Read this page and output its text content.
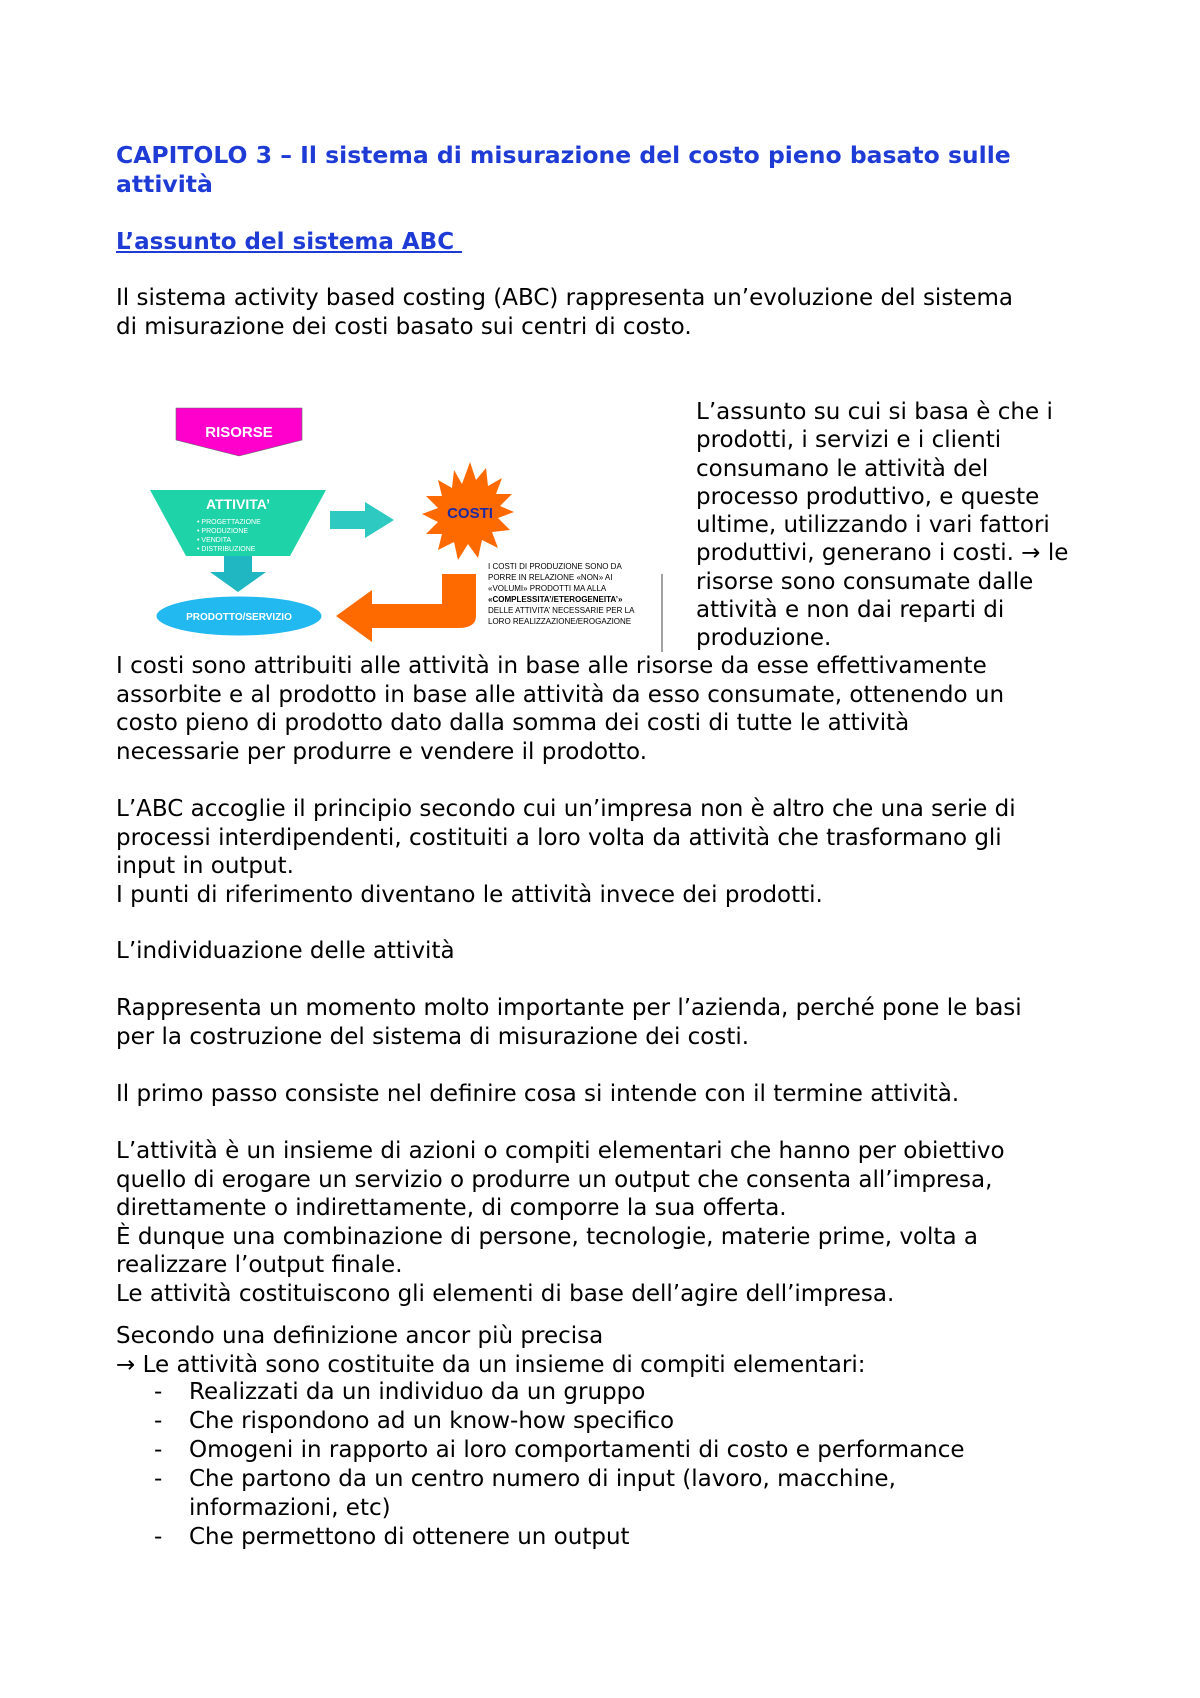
CAPITOLO 3 – Il sistema di misurazione del costo pieno basato sulle
attività
L’assunto del sistema ABC
Il sistema activity based costing (ABC) rappresenta un’evoluzione del sistema
di misurazione dei costi basato sui centri di costo.
RISORSE
ATTIVITA’
• PROGETTAZIONE
• PRODUZIONE
• VENDITA
• DISTRIBUZIONE
PRODOTTO/SERVIZIO
COSTI
I COSTI DI PRODUZIONE SONO DA
PORRE IN RELAZIONE «NON» AI
«VOLUMI» PRODOTTI MA ALLA
«COMPLESSITA’/ETEROGENEITA’»
DELLE ATTIVITA’ NECESSARIE PER LA
LORO REALIZZAZIONE/EROGAZIONE
L’assunto su cui si basa è che i
prodotti, i servizi e i clienti
consumano le attività del
processo produttivo, e queste
ultime, utilizzando i vari fattori
produttivi, generano i costi. → le
risorse sono consumate dalle
attività e non dai reparti di
produzione.
I costi sono attribuiti alle attività in base alle risorse da esse effettivamente
assorbite e al prodotto in base alle attività da esso consumate, ottenendo un
costo pieno di prodotto dato dalla somma dei costi di tutte le attività
necessarie per produrre e vendere il prodotto.
L’ABC accoglie il principio secondo cui un’impresa non è altro che una serie di
processi interdipendenti, costituiti a loro volta da attività che trasformano gli
input in output.
I punti di riferimento diventano le attività invece dei prodotti.
L’individuazione delle attività
Rappresenta un momento molto importante per l’azienda, perché pone le basi
per la costruzione del sistema di misurazione dei costi.
Il primo passo consiste nel definire cosa si intende con il termine attività.
L’attività è un insieme di azioni o compiti elementari che hanno per obiettivo
quello di erogare un servizio o produrre un output che consenta all’impresa,
direttamente o indirettamente, di comporre la sua offerta.
È dunque una combinazione di persone, tecnologie, materie prime, volta a
realizzare l’output finale.
Le attività costituiscono gli elementi di base dell’agire dell’impresa.
Secondo una definizione ancor più precisa
→ Le attività sono costituite da un insieme di compiti elementari:
- Realizzati da un individuo da un gruppo
- Che rispondono ad un know-how specifico
- Omogeni in rapporto ai loro comportamenti di costo e performance
- Che partono da un centro numero di input (lavoro, macchine,
informazioni, etc)
- Che permettono di ottenere un output
